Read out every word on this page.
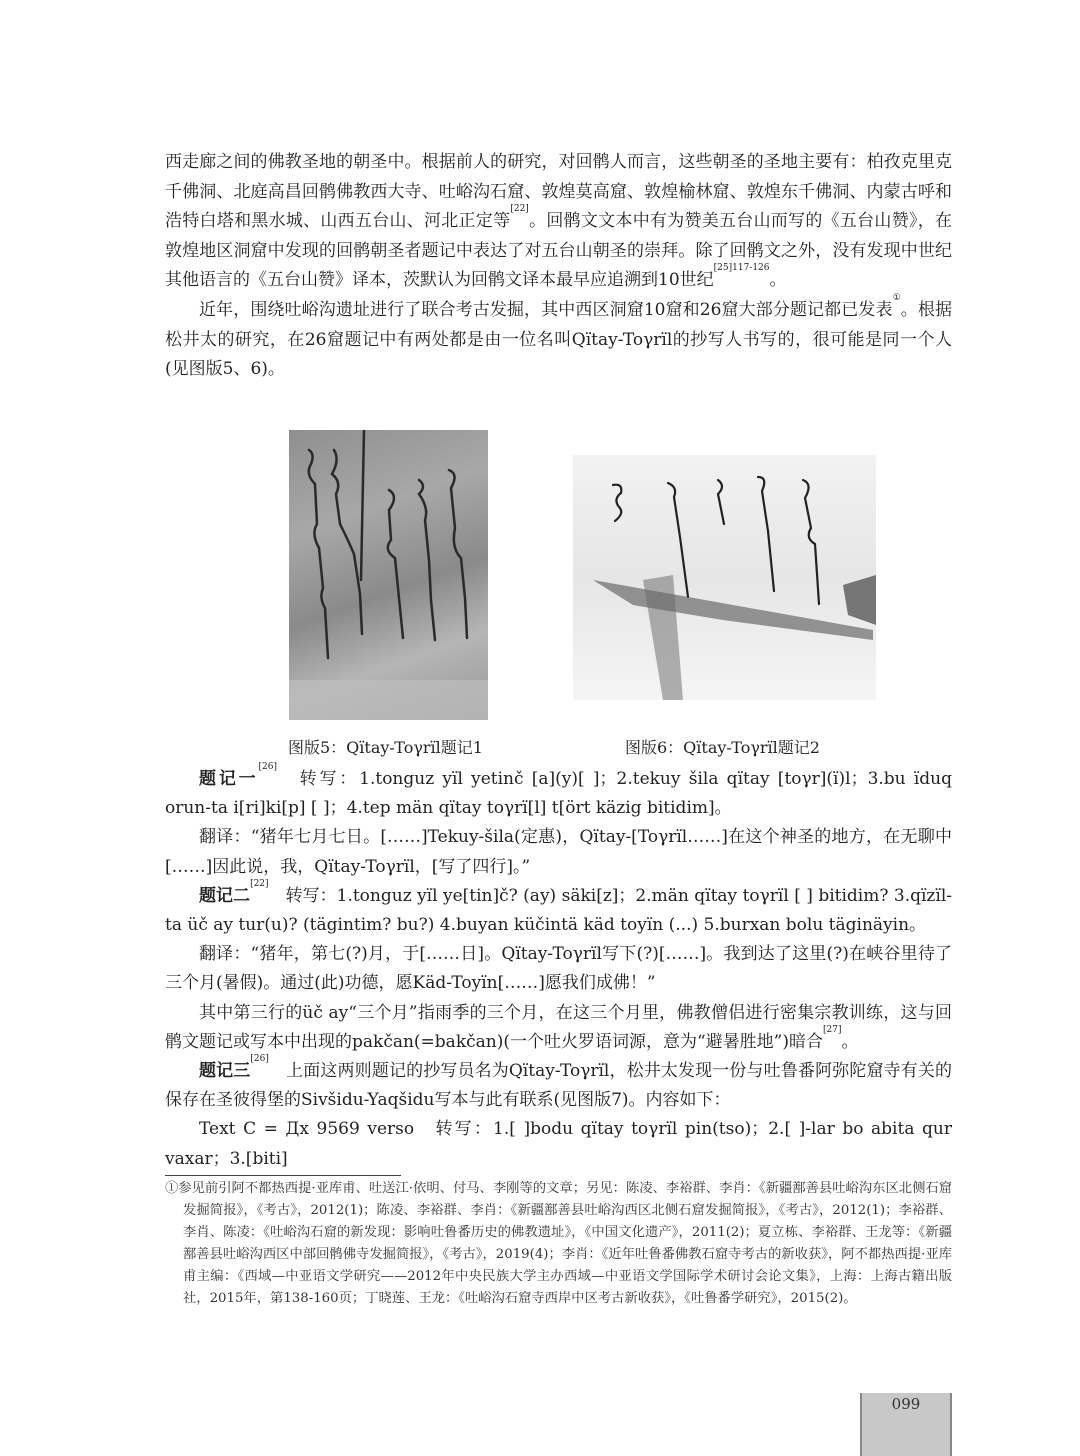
西走廊之间的佛教圣地的朝圣中。根据前人的研究，对回鹘人而言，这些朝圣的圣地主要有：柏孜克里克千佛洞、北庭高昌回鹘佛教西大寺、吐峪沟石窟、敦煌莫高窟、敦煌榆林窟、敦煌东千佛洞、内蒙古呼和浩特白塔和黑水城、山西五台山、河北正定等[22]。回鹘文文本中有为赞美五台山而写的《五台山赞》，在敦煌地区洞窟中发现的回鹘朝圣者题记中表达了对五台山朝圣的崇拜。除了回鹘文之外，没有发现中世纪其他语言的《五台山赞》译本，茨默认为回鹘文译本最早应追溯到10世纪$^{[25]117-126}$。

近年，围绕吐峪沟遗址进行了联合考古发掘，其中西区洞窟10窟和26窟大部分题记都已发表①。根据松井太的研究，在26窟题记中有两处都是由一位名叫Qïtay-Toγrïl的抄写人书写的，很可能是同一个人(见图版5、6)。

图版5：Qïtay-Toγrïl题记1	图版6：Qïtay-Toγrïl题记2

题记一[26]　转写：1.tonguz yïl yetinč [a](y)[ ]；2.tekuy šila qïtay [toγr](ï)l；3.bu ïduq orun-ta i[ri]ki[p] [ ]；4.tep män qïtay toγrï[l] t[ört käzig bitidim]。

翻译：“猪年七月七日。[……]Tekuy-šila(定惠)，Qïtay-[Toγrïl……]在这个神圣的地方，在无聊中[……]因此说，我，Qïtay-Toγrïl，[写了四行]。”

题记二[22]　转写：1.tonguz yïl ye[tin]č? (ay) säki[z]；2.män qïtay toγrïl [ ] bitidim? 3.qïzïl-ta üč ay tur(u)? (tägintim? bu?) 4.buyan küčintä käd toyïn (...) 5.burxan bolu täginäyin。

翻译：“猪年，第七(?)月，于[……日]。Qïtay-Toγrïl写下(?)[……]。我到达了这里(?)在峡谷里待了三个月(暑假)。通过(此)功德，愿Käd-Toyïn[……]愿我们成佛！”

其中第三行的üč ay“三个月”指雨季的三个月，在这三个月里，佛教僧侣进行密集宗教训练，这与回鹘文题记或写本中出现的pakčan(=bakčan)(一个吐火罗语词源，意为“避暑胜地”)暗合[27]。

题记三[26]　上面这两则题记的抄写员名为Qïtay-Toγrïl，松井太发现一份与吐鲁番阿弥陀窟寺有关的保存在圣彼得堡的Sivšidu-Yaqšidu写本与此有联系(见图版7)。内容如下：

Text C = Дх 9569 verso　转写：1.[ ]bodu qïtay toγrïl pin(tso)；2.[ ]-lar bo abita qur vaxar；3.[biti]

①参见前引阿不都热西提·亚库甫、吐送江·依明、付马、李刚等的文章；另见：陈凌、李裕群、李肖：《新疆鄯善县吐峪沟东区北侧石窟发掘简报》，《考古》，2012(1)；陈凌、李裕群、李肖：《新疆鄯善县吐峪沟西区北侧石窟发掘简报》，《考古》，2012(1)；李裕群、李肖、陈凌：《吐峪沟石窟的新发现：影响吐鲁番历史的佛教遗址》，《中国文化遗产》，2011(2)；夏立栋、李裕群、王龙等：《新疆鄯善县吐峪沟西区中部回鹘佛寺发掘简报》，《考古》，2019(4)；李肖：《近年吐鲁番佛教石窟寺考古的新收获》，阿不都热西提·亚库甫主编：《西域—中亚语文学研究——2012年中央民族大学主办西域—中亚语文学国际学术研讨会论文集》，上海：上海古籍出版社，2015年，第138-160页；丁晓莲、王龙：《吐峪沟石窟寺西岸中区考古新收获》，《吐鲁番学研究》，2015(2)。
099
